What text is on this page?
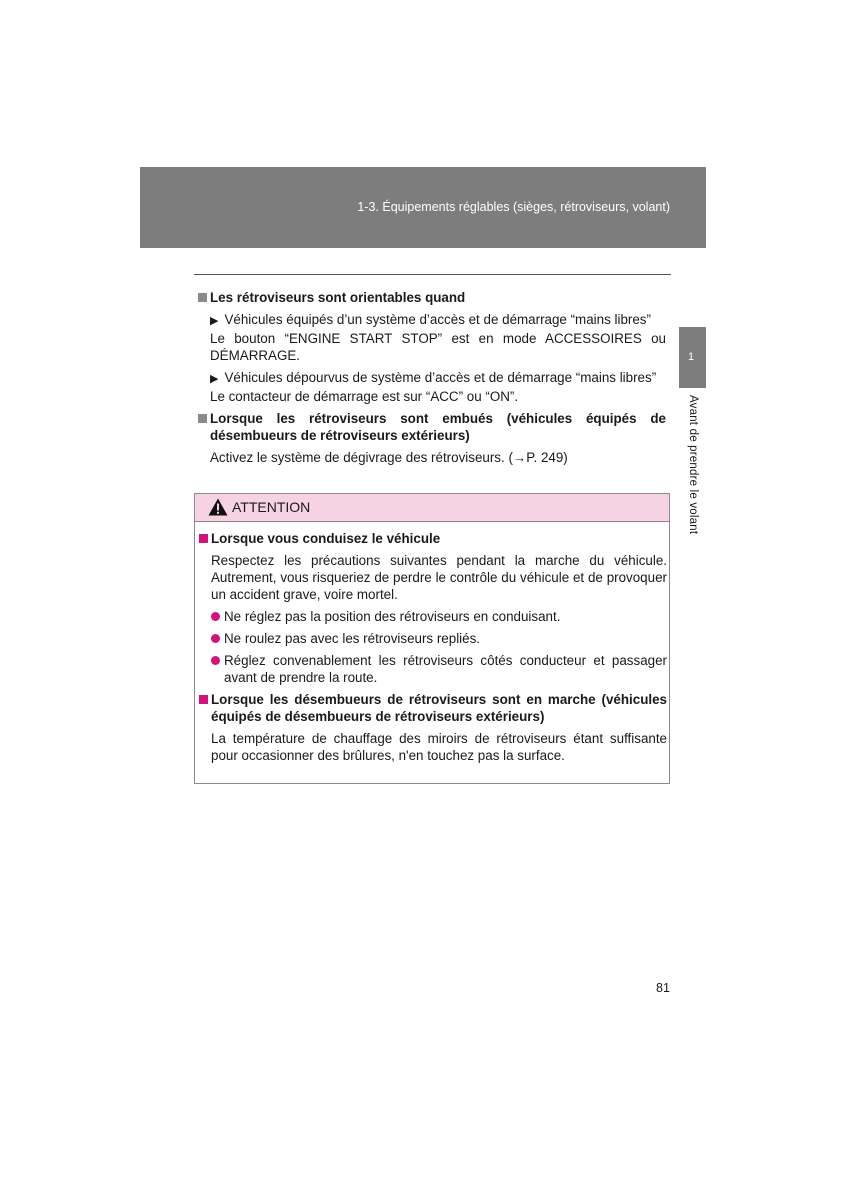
1-3. Équipements réglables (sièges, rétroviseurs, volant)
1
Avant de prendre le volant
Les rétroviseurs sont orientables quand
▶ Véhicules équipés d’un système d’accès et de démarrage “mains libres”
Le bouton “ENGINE START STOP” est en mode ACCESSOIRES ou
DÉMARRAGE.
▶ Véhicules dépourvus de système d’accès et de démarrage “mains libres”
Le contacteur de démarrage est sur “ACC” ou “ON”.
Lorsque les rétroviseurs sont embués (véhicules équipés de désembueurs de rétroviseurs extérieurs)
Activez le système de dégivrage des rétroviseurs. (→P. 249)
ATTENTION
Lorsque vous conduisez le véhicule
Respectez les précautions suivantes pendant la marche du véhicule. Autrement, vous risqueriez de perdre le contrôle du véhicule et de provoquer un accident grave, voire mortel.
Ne réglez pas la position des rétroviseurs en conduisant.
Ne roulez pas avec les rétroviseurs repliés.
Réglez convenablement les rétroviseurs côtés conducteur et passager avant de prendre la route.
Lorsque les désembueurs de rétroviseurs sont en marche (véhicules équipés de désembueurs de rétroviseurs extérieurs)
La température de chauffage des miroirs de rétroviseurs étant suffisante pour occasionner des brûlures, n'en touchez pas la surface.
81
